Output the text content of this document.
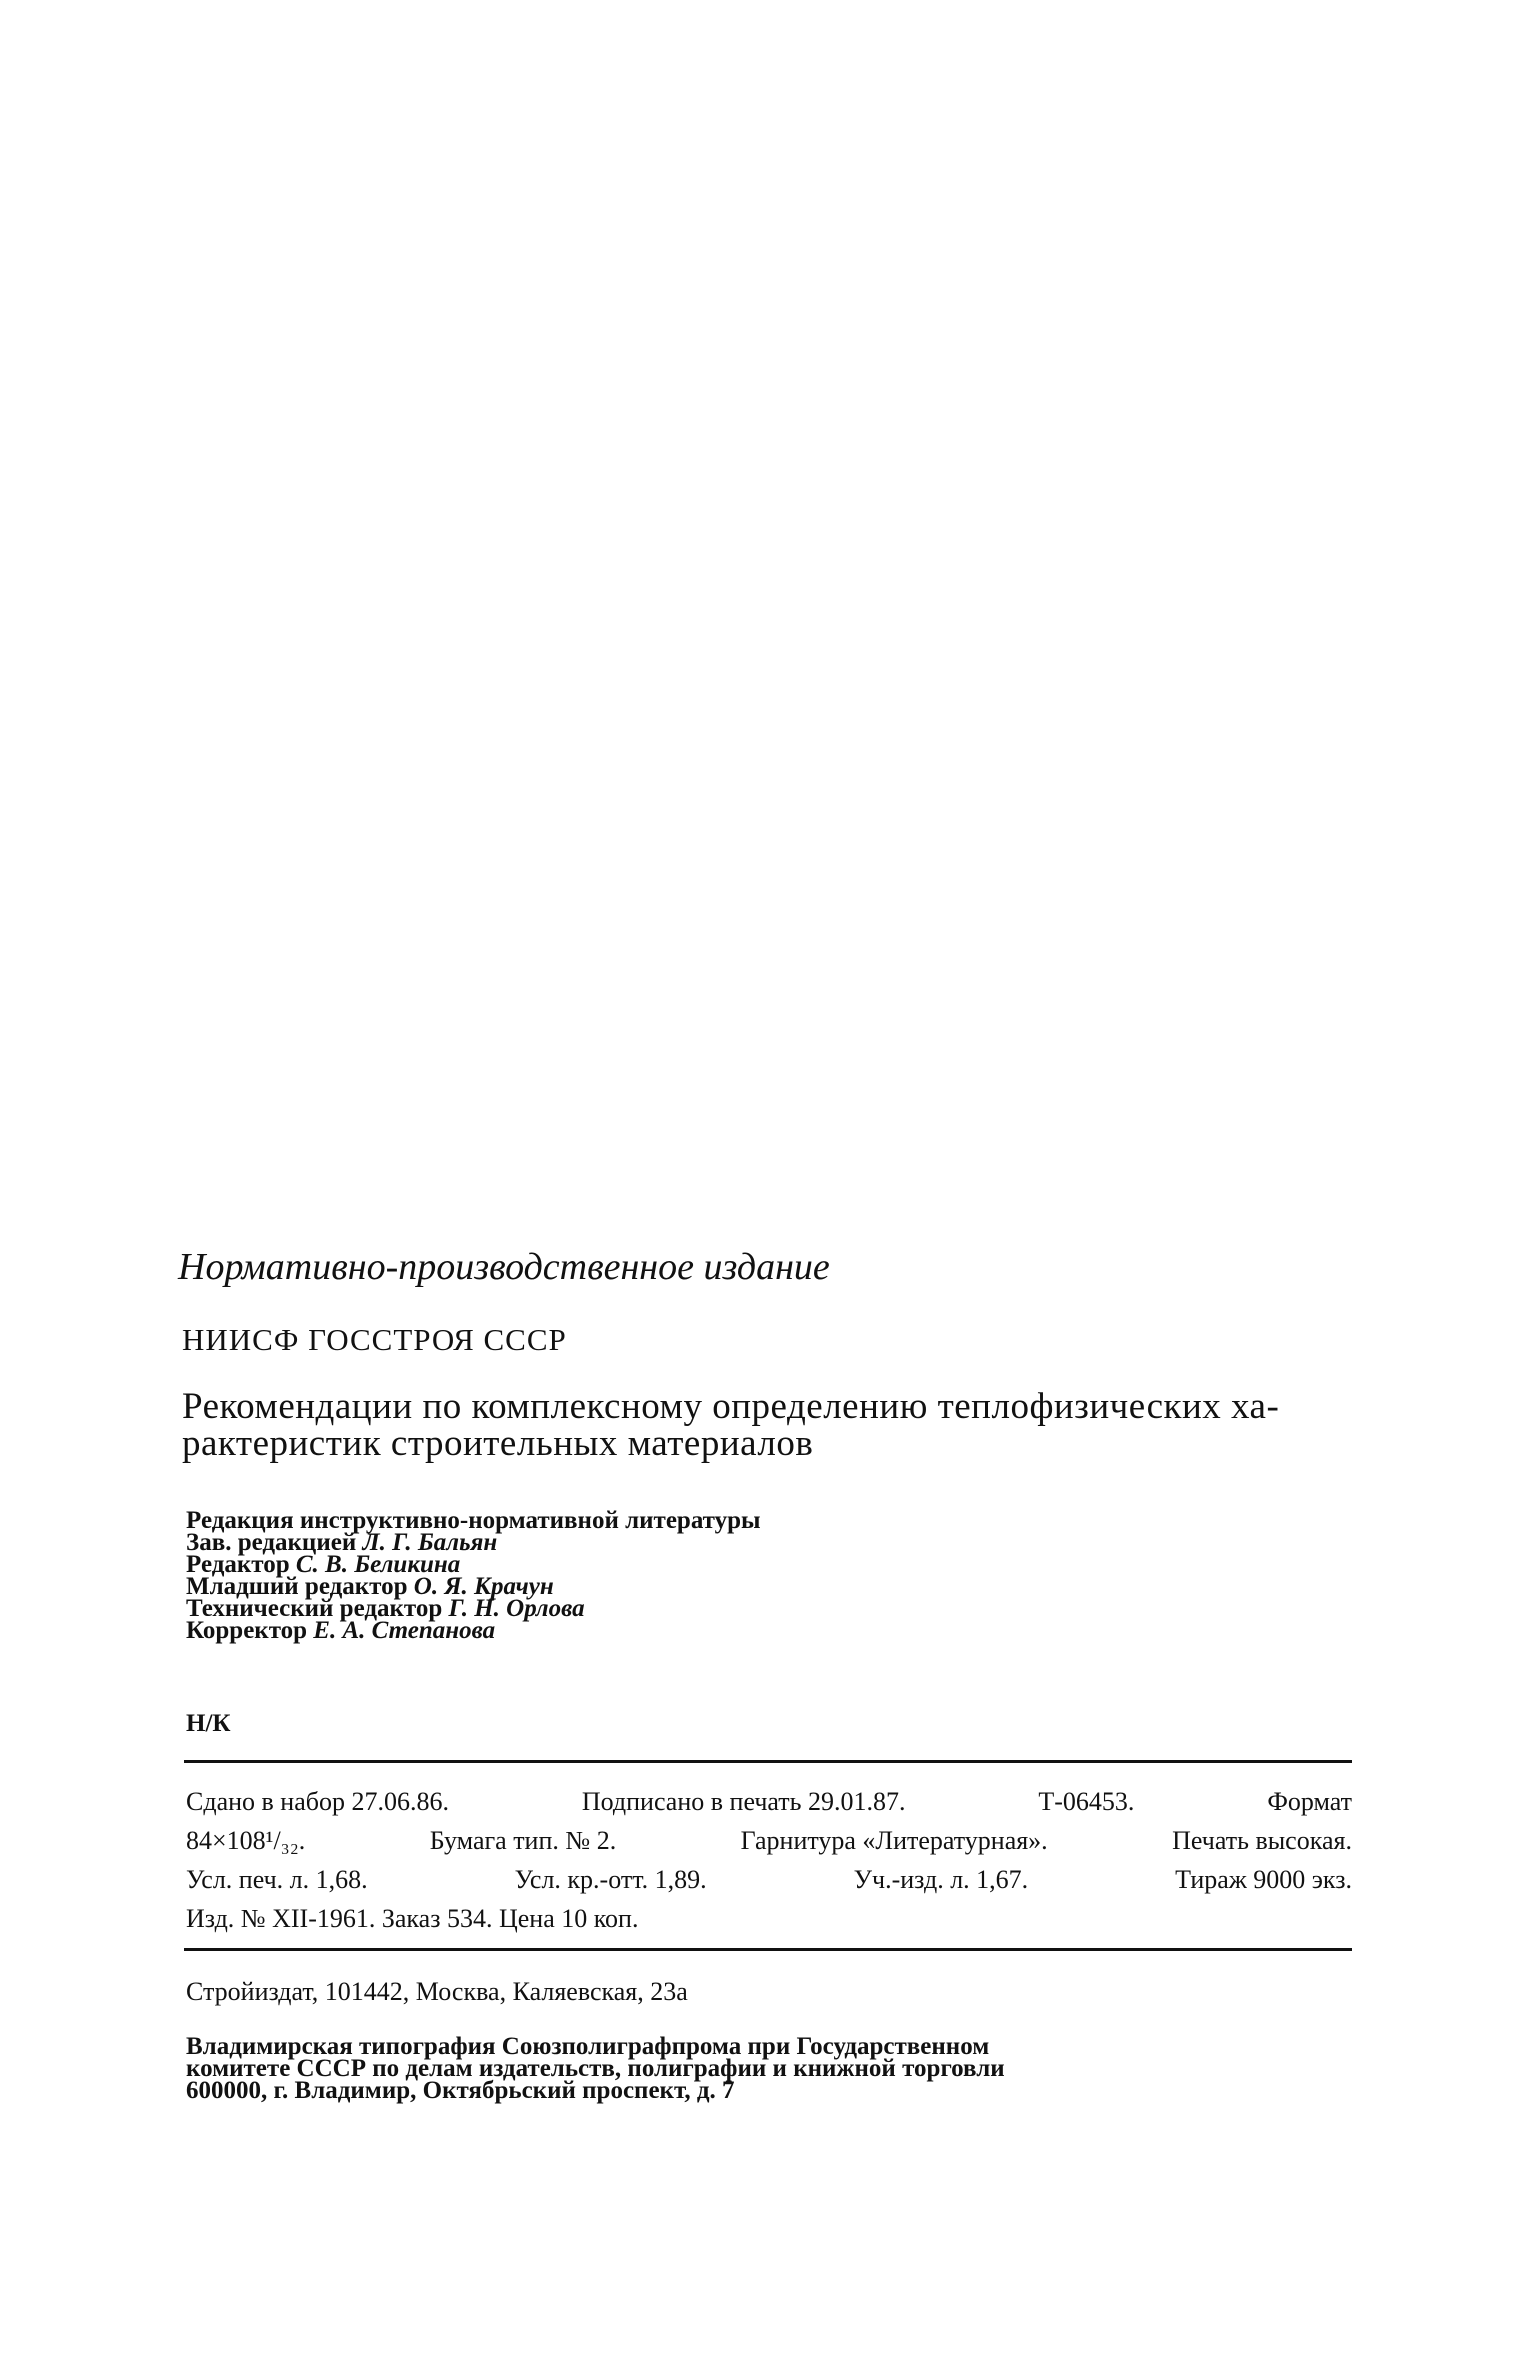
Нормативно-производственное издание
НИИСФ ГОССТРОЯ СССР
Рекомендации по комплексному определению теплофизических ха-
рактеристик строительных материалов
Редакция инструктивно-нормативной литературы
Зав. редакцией Л. Г. Бальян
Редактор С. В. Беликина
Младший редактор О. Я. Крачун
Технический редактор Г. Н. Орлова
Корректор Е. А. Степанова
Н/К
Сдано в набор 27.06.86.	Подписано в печать 29.01.87.	Т-06453.	Формат
84×108¹/₃₂.	Бумага тип. № 2.	Гарнитура «Литературная».	Печать высокая.
Усл. печ. л. 1,68.	Усл. кр.-отт. 1,89.	Уч.-изд. л. 1,67.	Тираж 9000 экз.
Изд. № XII-1961. Заказ 534. Цена 10 коп.
Стройиздат, 101442, Москва, Каляевская, 23а
Владимирская типография Союзполиграфпрома при Государственном
комитете СССР по делам издательств, полиграфии и книжной торговли
600000, г. Владимир, Октябрьский проспект, д. 7
